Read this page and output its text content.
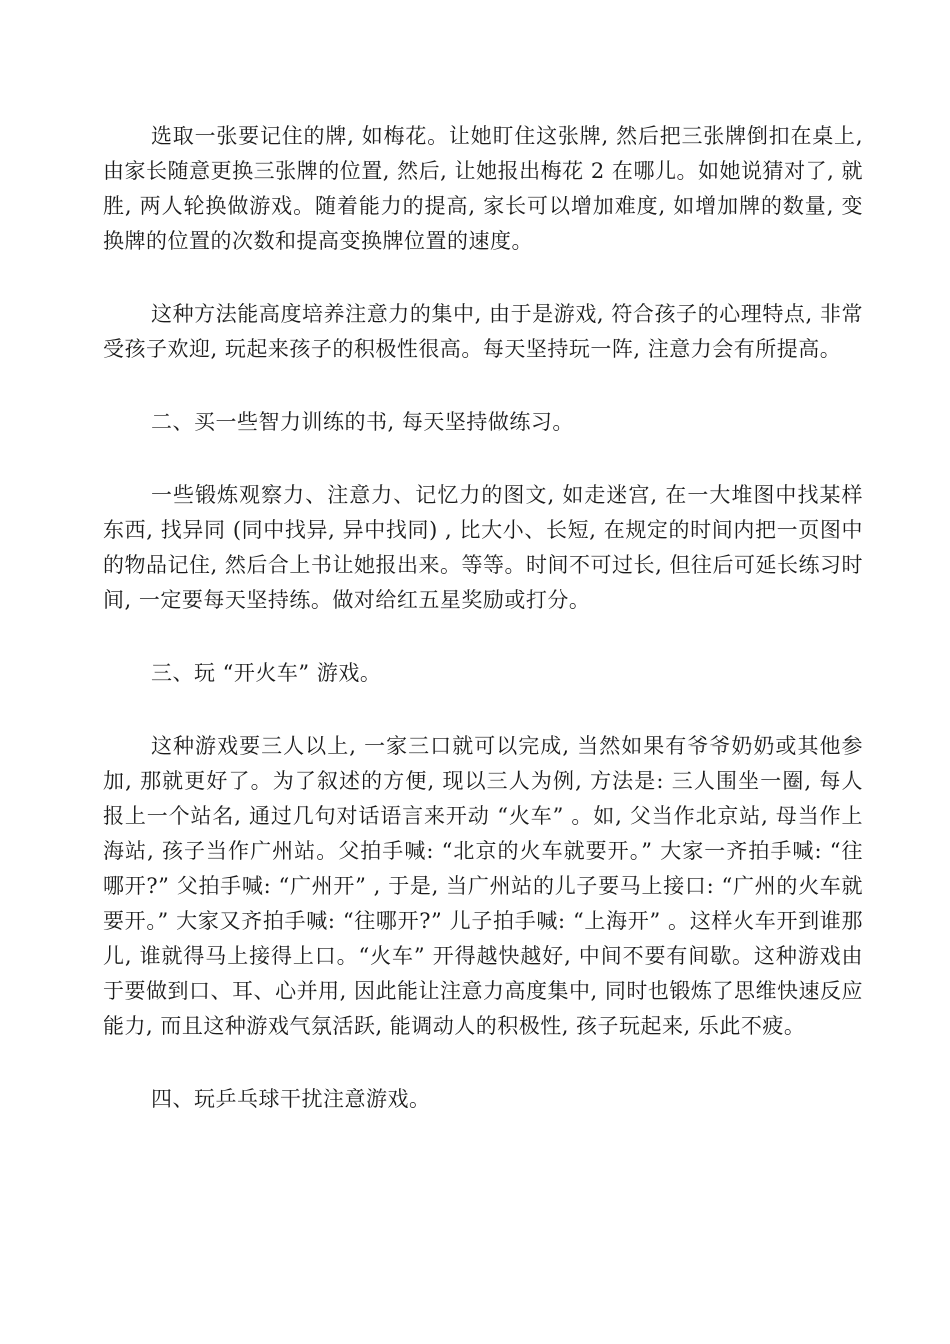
选取一张要记住的牌, 如梅花。让她盯住这张牌, 然后把三张牌倒扣在桌上, 由家长随意更换三张牌的位置, 然后, 让她报出梅花 2 在哪儿。如她说猜对了, 就胜, 两人轮换做游戏。随着能力的提高, 家长可以增加难度, 如增加牌的数量, 变换牌的位置的次数和提高变换牌位置的速度。

这种方法能高度培养注意力的集中, 由于是游戏, 符合孩子的心理特点, 非常受孩子欢迎, 玩起来孩子的积极性很高。每天坚持玩一阵, 注意力会有所提高。

二、买一些智力训练的书, 每天坚持做练习。

一些锻炼观察力、注意力、记忆力的图文, 如走迷宫, 在一大堆图中找某样东西, 找异同 (同中找异, 异中找同) , 比大小、长短, 在规定的时间内把一页图中的物品记住, 然后合上书让她报出来。等等。时间不可过长, 但往后可延长练习时间, 一定要每天坚持练。做对给红五星奖励或打分。

三、玩 “开火车” 游戏。

这种游戏要三人以上, 一家三口就可以完成, 当然如果有爷爷奶奶或其他参加, 那就更好了。为了叙述的方便, 现以三人为例, 方法是: 三人围坐一圈, 每人报上一个站名, 通过几句对话语言来开动 “火车” 。如, 父当作北京站, 母当作上海站, 孩子当作广州站。父拍手喊: “北京的火车就要开。” 大家一齐拍手喊: “往哪开?” 父拍手喊: “广州开” , 于是, 当广州站的儿子要马上接口: “广州的火车就要开。” 大家又齐拍手喊: “往哪开?” 儿子拍手喊: “上海开” 。这样火车开到谁那儿, 谁就得马上接得上口。“火车” 开得越快越好, 中间不要有间歇。这种游戏由于要做到口、耳、心并用, 因此能让注意力高度集中, 同时也锻炼了思维快速反应能力, 而且这种游戏气氛活跃, 能调动人的积极性, 孩子玩起来, 乐此不疲。

四、玩乒乓球干扰注意游戏。
